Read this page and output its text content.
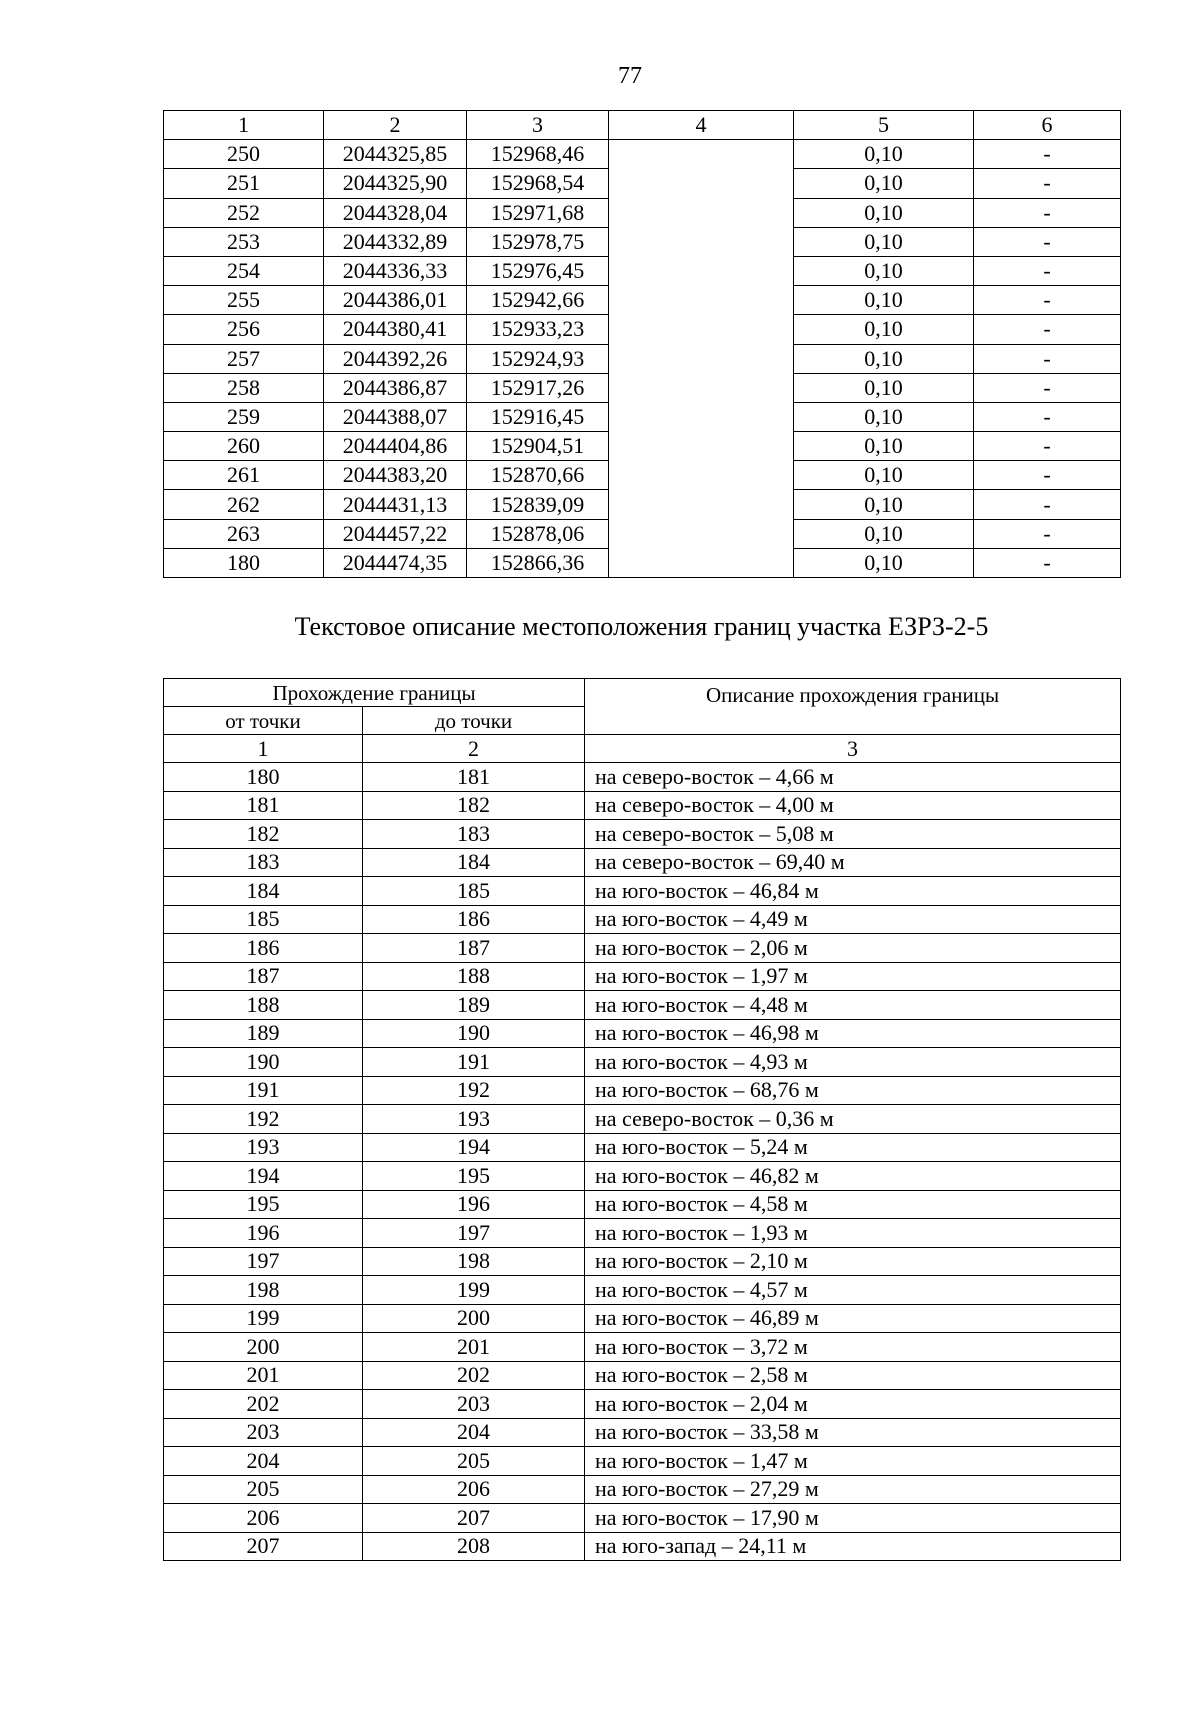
77
1	2	3	4	5	6
250	2044325,85	152968,46		0,10	-
251	2044325,90	152968,54		0,10	-
252	2044328,04	152971,68		0,10	-
253	2044332,89	152978,75		0,10	-
254	2044336,33	152976,45		0,10	-
255	2044386,01	152942,66		0,10	-
256	2044380,41	152933,23		0,10	-
257	2044392,26	152924,93		0,10	-
258	2044386,87	152917,26		0,10	-
259	2044388,07	152916,45		0,10	-
260	2044404,86	152904,51		0,10	-
261	2044383,20	152870,66		0,10	-
262	2044431,13	152839,09		0,10	-
263	2044457,22	152878,06		0,10	-
180	2044474,35	152866,36		0,10	-
Текстовое описание местоположения границ участка ЕЗРЗ-2-5
Прохождение границы		Описание прохождения границы
от точки	до точки	
1	2	3
180	181	на северо-восток – 4,66 м
181	182	на северо-восток – 4,00 м
182	183	на северо-восток – 5,08 м
183	184	на северо-восток – 69,40 м
184	185	на юго-восток – 46,84 м
185	186	на юго-восток – 4,49 м
186	187	на юго-восток – 2,06 м
187	188	на юго-восток – 1,97 м
188	189	на юго-восток – 4,48 м
189	190	на юго-восток – 46,98 м
190	191	на юго-восток – 4,93 м
191	192	на юго-восток – 68,76 м
192	193	на северо-восток – 0,36 м
193	194	на юго-восток – 5,24 м
194	195	на юго-восток – 46,82 м
195	196	на юго-восток – 4,58 м
196	197	на юго-восток – 1,93 м
197	198	на юго-восток – 2,10 м
198	199	на юго-восток – 4,57 м
199	200	на юго-восток – 46,89 м
200	201	на юго-восток – 3,72 м
201	202	на юго-восток – 2,58 м
202	203	на юго-восток – 2,04 м
203	204	на юго-восток – 33,58 м
204	205	на юго-восток – 1,47 м
205	206	на юго-восток – 27,29 м
206	207	на юго-восток – 17,90 м
207	208	на юго-запад – 24,11 м
